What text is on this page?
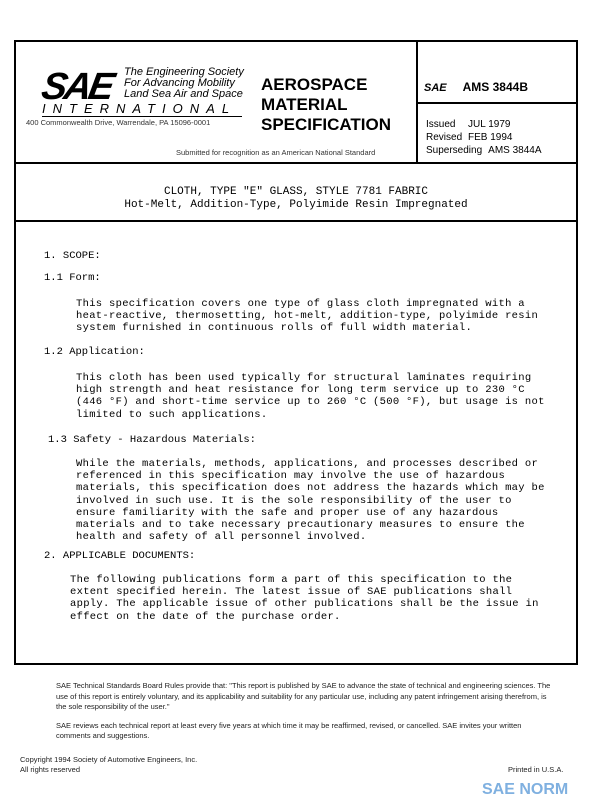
SAE The Engineering Society
For Advancing Mobility
Land Sea Air and Space
INTERNATIONAL
400 Commonwealth Drive, Warrendale, PA 15096-0001
AEROSPACE
MATERIAL
SPECIFICATION
Submitted for recognition as an American National Standard
SAE AMS 3844B
Issued JUL 1979
Revised FEB 1994
Superseding AMS 3844A
CLOTH, TYPE "E" GLASS, STYLE 7781 FABRIC
Hot-Melt, Addition-Type, Polyimide Resin Impregnated
1. SCOPE:
1.1 Form:
This specification covers one type of glass cloth impregnated with a heat-reactive, thermosetting, hot-melt, addition-type, polyimide resin system furnished in continuous rolls of full width material.
1.2 Application:
This cloth has been used typically for structural laminates requiring high strength and heat resistance for long term service up to 230 °C (446 °F) and short-time service up to 260 °C (500 °F), but usage is not limited to such applications.
1.3 Safety - Hazardous Materials:
While the materials, methods, applications, and processes described or referenced in this specification may involve the use of hazardous materials, this specification does not address the hazards which may be involved in such use. It is the sole responsibility of the user to ensure familiarity with the safe and proper use of any hazardous materials and to take necessary precautionary measures to ensure the health and safety of all personnel involved.
2. APPLICABLE DOCUMENTS:
The following publications form a part of this specification to the extent specified herein. The latest issue of SAE publications shall apply. The applicable issue of other publications shall be the issue in effect on the date of the purchase order.
SAE Technical Standards Board Rules provide that: "This report is published by SAE to advance the state of technical and engineering sciences. The use of this report is entirely voluntary, and its applicability and suitability for any particular use, including any patent infringement arising therefrom, is the sole responsibility of the user."
SAE reviews each technical report at least every five years at which time it may be reaffirmed, revised, or cancelled. SAE invites your written comments and suggestions.
Copyright 1994 Society of Automotive Engineers, Inc.
All rights reserved	Printed in U.S.A.
SAE NORM
